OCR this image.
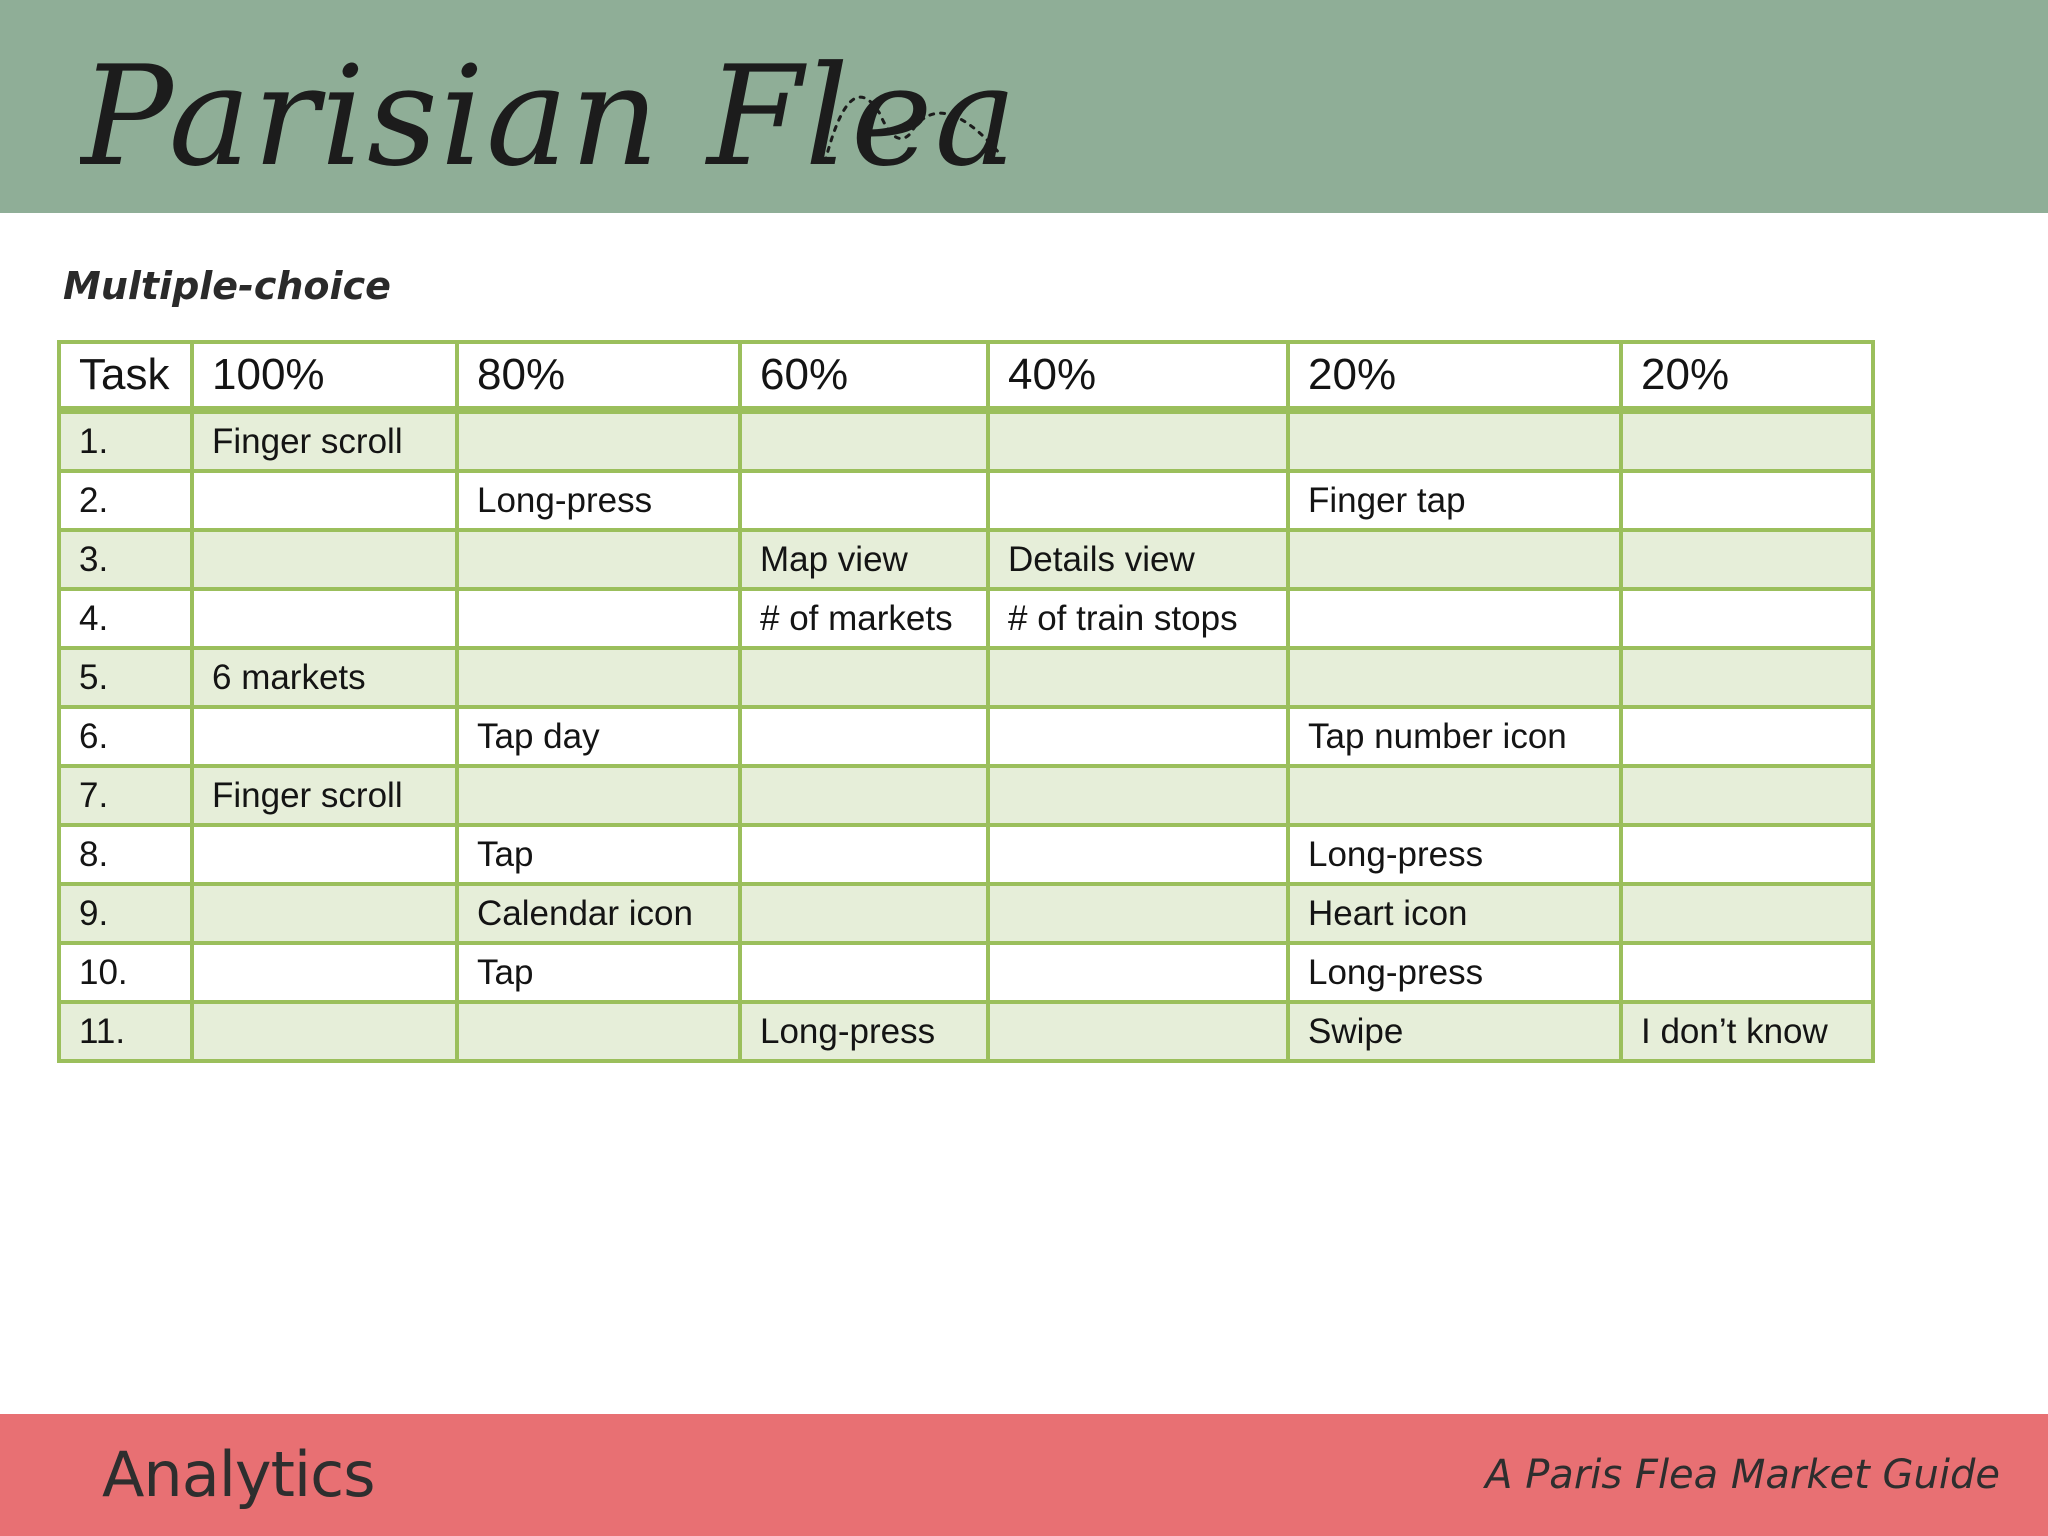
Parisian Flea
Multiple-choice
Task	100%	80%	60%	40%	20%	20%
1.	Finger scroll					
2.		Long-press			Finger tap	
3.			Map view	Details view		
4.			# of markets	# of train stops		
5.	6 markets					
6.		Tap day			Tap number icon	
7.	Finger scroll					
8.		Tap			Long-press	
9.		Calendar icon			Heart icon	
10.		Tap			Long-press	
11.			Long-press		Swipe	I don’t know
Analytics	A Paris Flea Market Guide
